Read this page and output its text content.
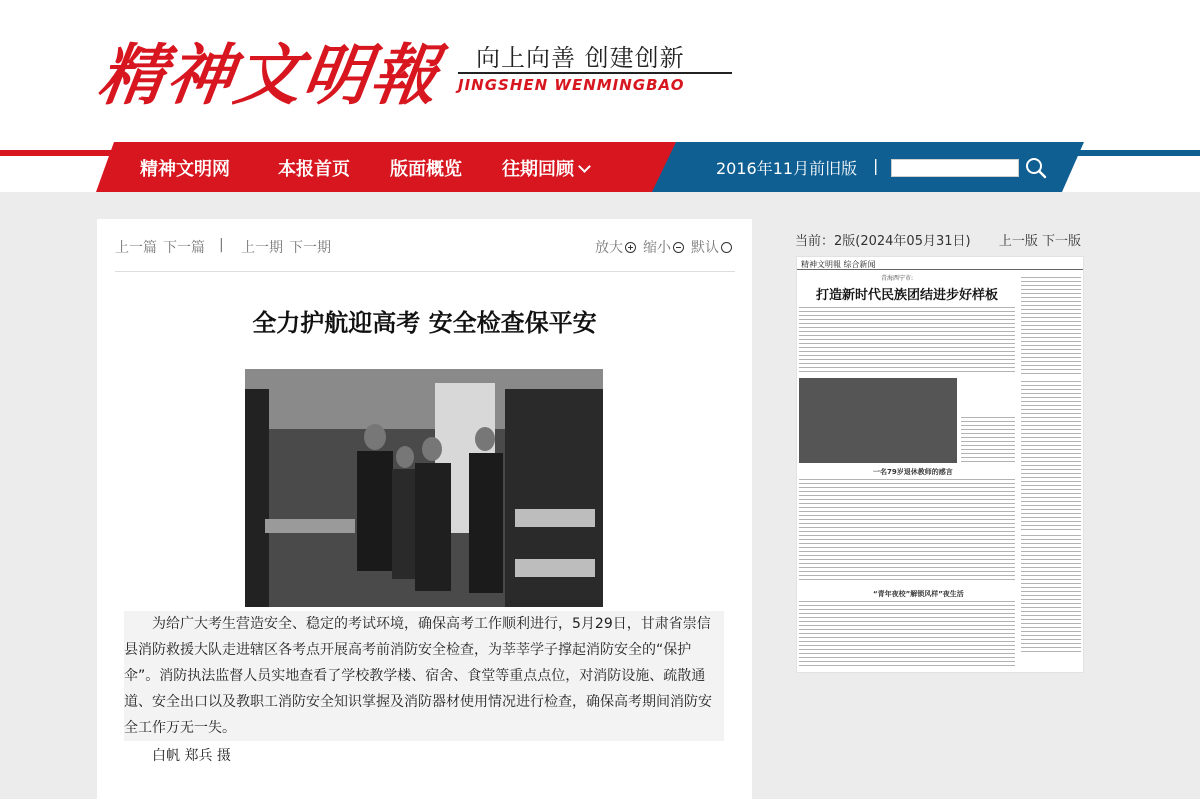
精神文明報 向上向善 创建创新
JINGSHEN WENMINGBAO
精神文明网	本报首页 版面概览 往期回顾	2016年11月前旧版 |
上一篇 下一篇 | 上一期 下一期	放大	缩小	默认
全力护航迎高考 安全检查保平安

为给广大考生营造安全、稳定的考试环境，确保高考工作顺利进行，5月29日，甘肃省崇信县消防救援大队走进辖区各考点开展高考前消防安全检查，为莘莘学子撑起消防安全的“保护伞”。消防执法监督人员实地查看了学校教学楼、宿舍、食堂等重点点位，对消防设施、疏散通道、安全出口以及教职工消防安全知识掌握及消防器材使用情况进行检查，确保高考期间消防安全工作万无一失。

白帆 郑兵 摄
当前：2版(2024年05月31日) 上一版 下一版
精神文明報 综合新闻
青海西宁市:
打造新时代民族团结进步好样板
一名79岁退休教师的感言
“青年夜校”解锁风样”夜生活
